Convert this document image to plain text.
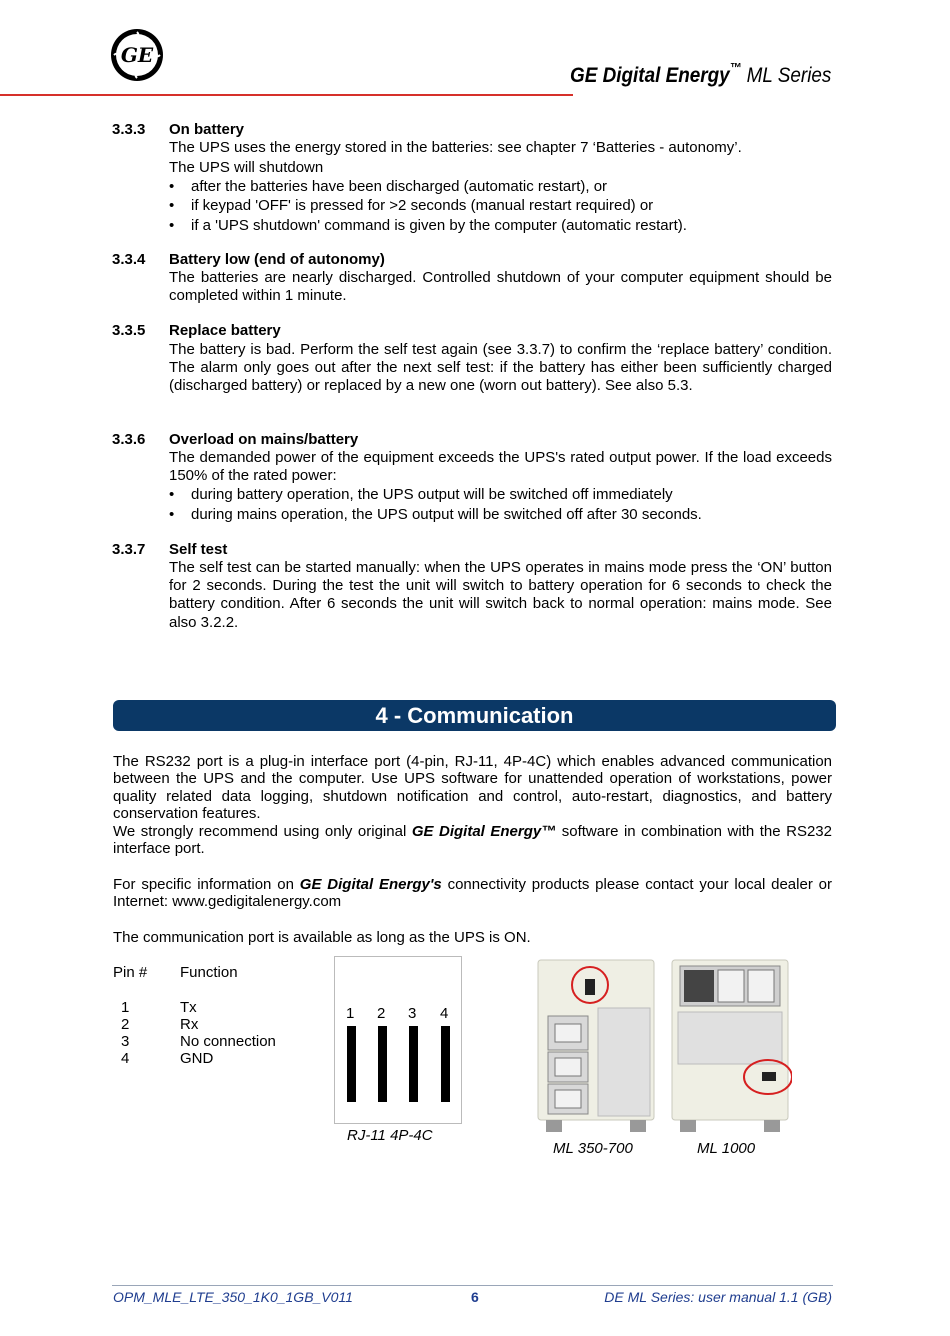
GE
GE Digital Energy™ ML Series
3.3.3 On battery

The UPS uses the energy stored in the batteries: see chapter 7 ‘Batteries - autonomy’.

The UPS will shutdown

• after the batteries have been discharged (automatic restart), or

• if keypad 'OFF' is pressed for >2 seconds (manual restart required) or

• if a 'UPS shutdown' command is given by the computer (automatic restart).

3.3.4 Battery low (end of autonomy)

The batteries are nearly discharged. Controlled shutdown of your computer equipment should be completed within 1 minute.

3.3.5 Replace battery

The battery is bad. Perform the self test again (see 3.3.7) to confirm the ‘replace battery’ condition. The alarm only goes out after the next self test: if the battery has either been sufficiently charged (discharged battery) or replaced by a new one (worn out battery). See also 5.3.

3.3.6 Overload on mains/battery

The demanded power of the equipment exceeds the UPS's rated output power. If the load exceeds 150% of the rated power:

• during battery operation, the UPS output will be switched off immediately

• during mains operation, the UPS output will be switched off after 30 seconds.

3.3.7 Self test

The self test can be started manually: when the UPS operates in mains mode press the ‘ON’ button for 2 seconds. During the test the unit will switch to battery operation for 6 seconds to check the battery condition. After 6 seconds the unit will switch back to normal operation: mains mode. See also 3.2.2.

4 - Communication

The RS232 port is a plug-in interface port (4-pin, RJ-11, 4P-4C) which enables advanced communication between the UPS and the computer. Use UPS software for unattended operation of workstations, power quality related data logging, shutdown notification and control, auto-restart, diagnostics, and battery conservation features.

We strongly recommend using only original GE Digital Energy™ software in combination with the RS232 interface port.

For specific information on GE Digital Energy's connectivity products please contact your local dealer or Internet: www.gedigitalenergy.com

The communication port is available as long as the UPS is ON.

Pin # Function
1	Tx
2	Rx
3	No connection
4	GND
1 2 3 4
RJ-11 4P-4C
ML 350-700	ML 1000
OPM_MLE_LTE_350_1K0_1GB_V011	6	DE ML Series: user manual 1.1 (GB)
